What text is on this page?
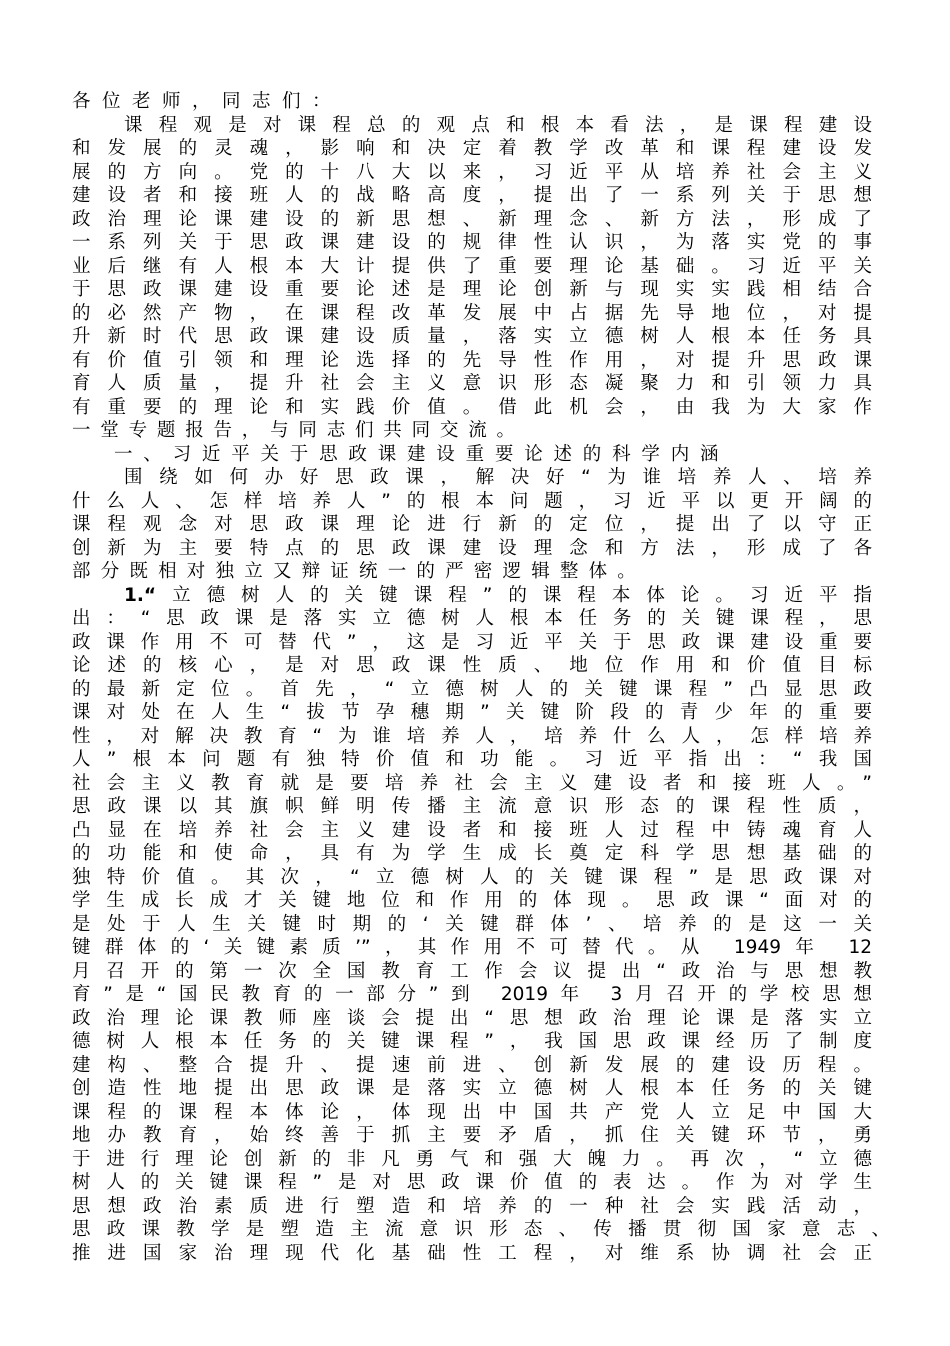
各位老师，同志们：
课程观是对课程总的观点和根本看法，是课程建设
和发展的灵魂，影响和决定着教学改革和课程建设发
展的方向。党的十八大以来，习近平从培养社会主义
建设者和接班人的战略高度，提出了一系列关于思想
政治理论课建设的新思想、新理念、新方法，形成了
一系列关于思政课建设的规律性认识，为落实党的事
业后继有人根本大计提供了重要理论基础。习近平关
于思政课建设重要论述是理论创新与现实实践相结合
的必然产物，在课程改革发展中占据先导地位，对提
升新时代思政课建设质量，落实立德树人根本任务具
有价值引领和理论选择的先导性作用，对提升思政课
育人质量，提升社会主义意识形态凝聚力和引领力具
有重要的理论和实践价值。借此机会，由我为大家作
一堂专题报告，与同志们共同交流。
一、习近平关于思政课建设重要论述的科学内涵
围绕如何办好思政课，解决好“为谁培养人、培养
什么人、怎样培养人”的根本问题，习近平以更开阔的
课程观念对思政课理论进行新的定位，提出了以守正
创新为主要特点的思政课建设理念和方法，形成了各
部分既相对独立又辩证统一的严密逻辑整体。
1.“立德树人的关键课程”的课程本体论。习近平指
出：“思政课是落实立德树人根本任务的关键课程，思
政课作用不可替代”，这是习近平关于思政课建设重要
论述的核心，是对思政课性质、地位作用和价值目标
的最新定位。首先，“立德树人的关键课程”凸显思政
课对处在人生“拔节孕穗期”关键阶段的青少年的重要
性，对解决教育“为谁培养人，培养什么人，怎样培养
人”根本问题有独特价值和功能。习近平指出：“我国
社会主义教育就是要培养社会主义建设者和接班人。”
思政课以其旗帜鲜明传播主流意识形态的课程性质，
凸显在培养社会主义建设者和接班人过程中铸魂育人
的功能和使命，具有为学生成长奠定科学思想基础的
独特价值。其次，“立德树人的关键课程”是思政课对
学生成长成才关键地位和作用的体现。思政课“面对的
是处于人生关键时期的‘关键群体’、培养的是这一关
键群体的‘关键素质’”，其作用不可替代。从 1949年 12
月召开的第一次全国教育工作会议提出“政治与思想教
育”是“国民教育的一部分”到 2019年 3月召开的学校思想
政治理论课教师座谈会提出“思想政治理论课是落实立
德树人根本任务的关键课程”，我国思政课经历了制度
建构、整合提升、提速前进、创新发展的建设历程。
创造性地提出思政课是落实立德树人根本任务的关键
课程的课程本体论，体现出中国共产党人立足中国大
地办教育，始终善于抓主要矛盾，抓住关键环节，勇
于进行理论创新的非凡勇气和强大魄力。再次，“立德
树人的关键课程”是对思政课价值的表达。作为对学生
思想政治素质进行塑造和培养的一种社会实践活动，
思政课教学是塑造主流意识形态、传播贯彻国家意志、
推进国家治理现代化基础性工程，对维系协调社会正
